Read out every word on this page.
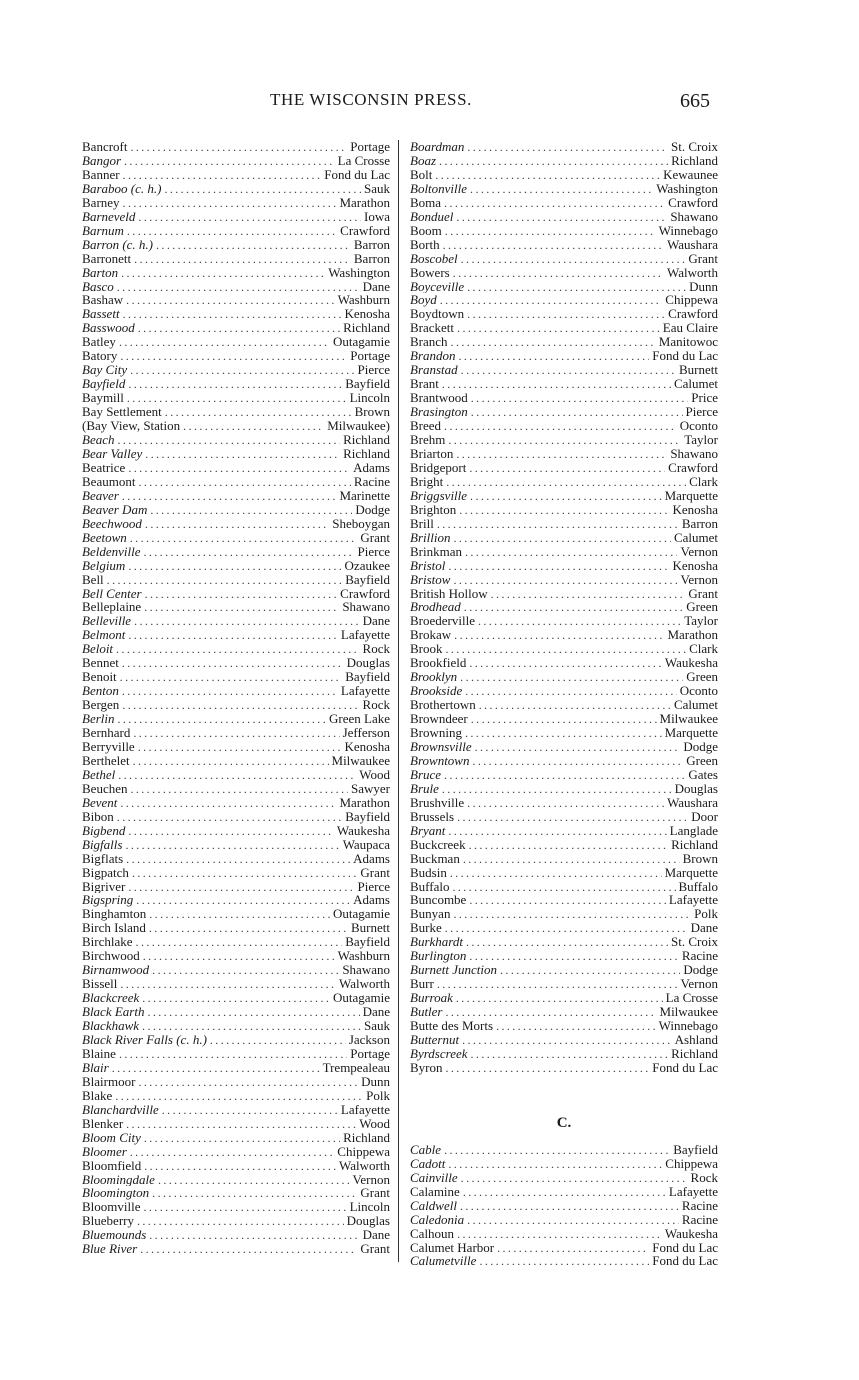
THE WISCONSIN PRESS.	665
Bancroft .....	Portage
Bangor .....	La Crosse
Banner .....	Fond du Lac
Baraboo (c. h.) .....	Sauk
Barney .....	Marathon
Barneveld .....	Iowa
Barnum .....	Crawford
Barron (c. h.) .....	Barron
Barronett .....	Barron
Barton .....	Washington
Basco .....	Dane
Bashaw .....	Washburn
Bassett .....	Kenosha
Basswood .....	Richland
Batley .....	Outagamie
Batory .....	Portage
Bay City .....	Pierce
Bayfield .....	Bayfield
Baymill .....	Lincoln
Bay Settlement .....	Brown
(Bay View, Station .....	Milwaukee)
Beach .....	Richland
Bear Valley .....	Richland
Beatrice .....	Adams
Beaumont .....	Racine
Beaver .....	Marinette
Beaver Dam .....	Dodge
Beechwood .....	Sheboygan
Beetown .....	Grant
Beldenville .....	Pierce
Belgium .....	Ozaukee
Bell .....	Bayfield
Bell Center .....	Crawford
Belleplaine .....	Shawano
Belleville .....	Dane
Belmont .....	Lafayette
Beloit .....	Rock
Bennet .....	Douglas
Benoit .....	Bayfield
Benton .....	Lafayette
Bergen .....	Rock
Berlin .....	Green Lake
Bernhard .....	Jefferson
Berryville .....	Kenosha
Berthelet .....	Milwaukee
Bethel .....	Wood
Beuchen .....	Sawyer
Bevent .....	Marathon
Bibon .....	Bayfield
Bigbend .....	Waukesha
Bigfalls .....	Waupaca
Bigflats .....	Adams
Bigpatch .....	Grant
Bigriver .....	Pierce
Bigspring .....	Adams
Binghamton .....	Outagamie
Birch Island .....	Burnett
Birchlake .....	Bayfield
Birchwood .....	Washburn
Birnamwood .....	Shawano
Bissell .....	Walworth
Blackcreek .....	Outagamie
Black Earth .....	Dane
Blackhawk .....	Sauk
Black River Falls (c. h.) .....	Jackson
Blaine .....	Portage
Blair .....	Trempealeau
Blairmoor .....	Dunn
Blake .....	Polk
Blanchardville .....	Lafayette
Blenker .....	Wood
Bloom City .....	Richland
Bloomer .....	Chippewa
Bloomfield .....	Walworth
Bloomingdale .....	Vernon
Bloomington .....	Grant
Bloomville .....	Lincoln
Blueberry .....	Douglas
Bluemounds .....	Dane
Blue River .....	Grant
Boardman .....	St. Croix
Boaz .....	Richland
Bolt .....	Kewaunee
Boltonville .....	Washington
Boma .....	Crawford
Bonduel .....	Shawano
Boom .....	Winnebago
Borth .....	Waushara
Boscobel .....	Grant
Bowers .....	Walworth
Boyceville .....	Dunn
Boyd .....	Chippewa
Boydtown .....	Crawford
Brackett .....	Eau Claire
Branch .....	Manitowoc
Brandon .....	Fond du Lac
Branstad .....	Burnett
Brant .....	Calumet
Brantwood .....	Price
Brasington .....	Pierce
Breed .....	Oconto
Brehm .....	Taylor
Briarton .....	Shawano
Bridgeport .....	Crawford
Bright .....	Clark
Briggsville .....	Marquette
Brighton .....	Kenosha
Brill .....	Barron
Brillion .....	Calumet
Brinkman .....	Vernon
Bristol .....	Kenosha
Bristow .....	Vernon
British Hollow .....	Grant
Brodhead .....	Green
Broederville .....	Taylor
Brokaw .....	Marathon
Brook .....	Clark
Brookfield .....	Waukesha
Brooklyn .....	Green
Brookside .....	Oconto
Brothertown .....	Calumet
Browndeer .....	Milwaukee
Browning .....	Marquette
Brownsville .....	Dodge
Browntown .....	Green
Bruce .....	Gates
Brule .....	Douglas
Brushville .....	Waushara
Brussels .....	Door
Bryant .....	Langlade
Buckcreek .....	Richland
Buckman .....	Brown
Budsin .....	Marquette
Buffalo .....	Buffalo
Buncombe .....	Lafayette
Bunyan .....	Polk
Burke .....	Dane
Burkhardt .....	St. Croix
Burlington .....	Racine
Burnett Junction .....	Dodge
Burr .....	Vernon
Burroak .....	La Crosse
Butler .....	Milwaukee
Butte des Morts .....	Winnebago
Butternut .....	Ashland
Byrdscreek .....	Richland
Byron .....	Fond du Lac
C.
Cable .....	Bayfield
Cadott .....	Chippewa
Cainville .....	Rock
Calamine .....	Lafayette
Caldwell .....	Racine
Caledonia .....	Racine
Calhoun .....	Waukesha
Calumet Harbor .....	Fond du Lac
Calumetville .....	Fond du Lac
